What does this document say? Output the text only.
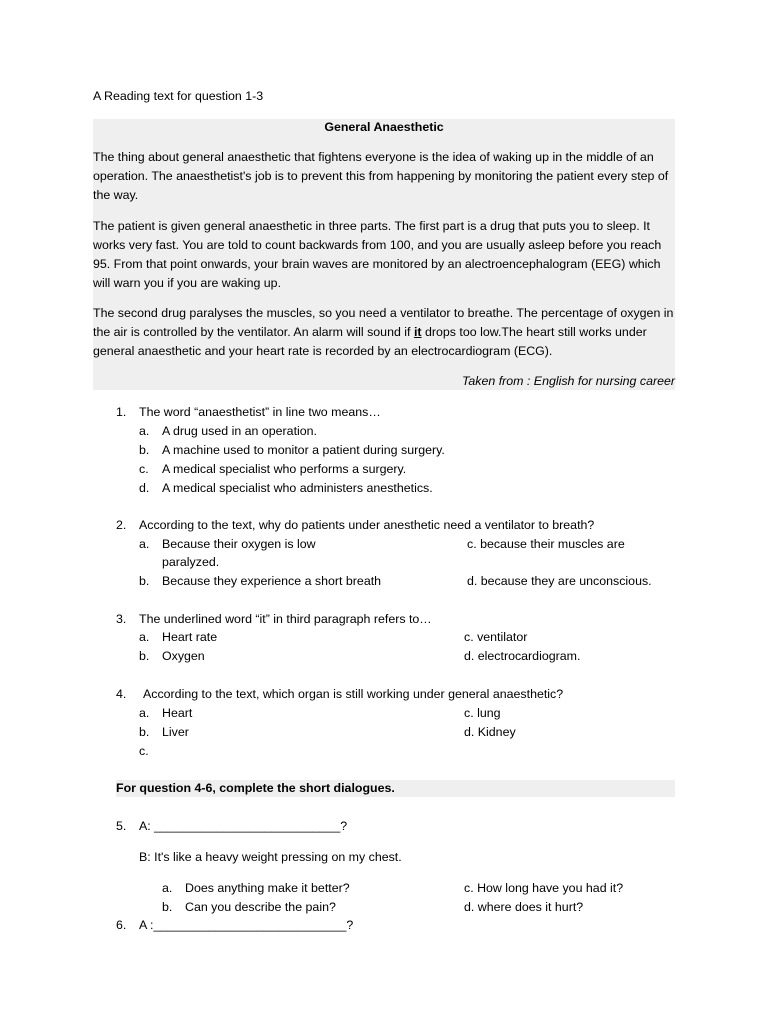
A Reading text for question 1-3
General Anaesthetic
The thing about general anaesthetic that fightens everyone is the idea of waking up in the middle of an operation. The anaesthetist's job is to prevent this from happening by monitoring the patient every step of the way.
The patient is given general anaesthetic in three parts. The first part is a drug that puts you to sleep. It works very fast. You are told to count backwards from 100, and you are usually asleep before you reach 95. From that point onwards, your brain waves are monitored by an alectroencephalogram (EEG) which will warn you if you are waking up.
The second drug paralyses the muscles, so you need a ventilator to breathe. The percentage of oxygen in the air is controlled by the ventilator. An alarm will sound if it drops too low.The heart still works under general anaesthetic and your heart rate is recorded by an electrocardiogram (ECG).
Taken from : English for nursing career
1. The word “anaesthetist” in line two means…
a. A drug used in an operation.
b. A machine used to monitor a patient during surgery.
c. A medical specialist who performs a surgery.
d. A medical specialist who administers anesthetics.
2. According to the text, why do patients under anesthetic need a ventilator to breath?
a. Because their oxygen is low	c. because their muscles are
paralyzed.
b. Because they experience a short breath	d. because they are unconscious.
3. The underlined word “it” in third paragraph refers to…
a. Heart rate	c. ventilator
b. Oxygen	d. electrocardiogram.
4. According to the text, which organ is still working under general anaesthetic?
a. Heart	c. lung
b. Liver	d. Kidney
c.
For question 4-6, complete the short dialogues.
5. A: ___________________________?
B: It's like a heavy weight pressing on my chest.
a. Does anything make it better?	c. How long have you had it?
b. Can you describe the pain?	d. where does it hurt?
6. A :____________________________?
